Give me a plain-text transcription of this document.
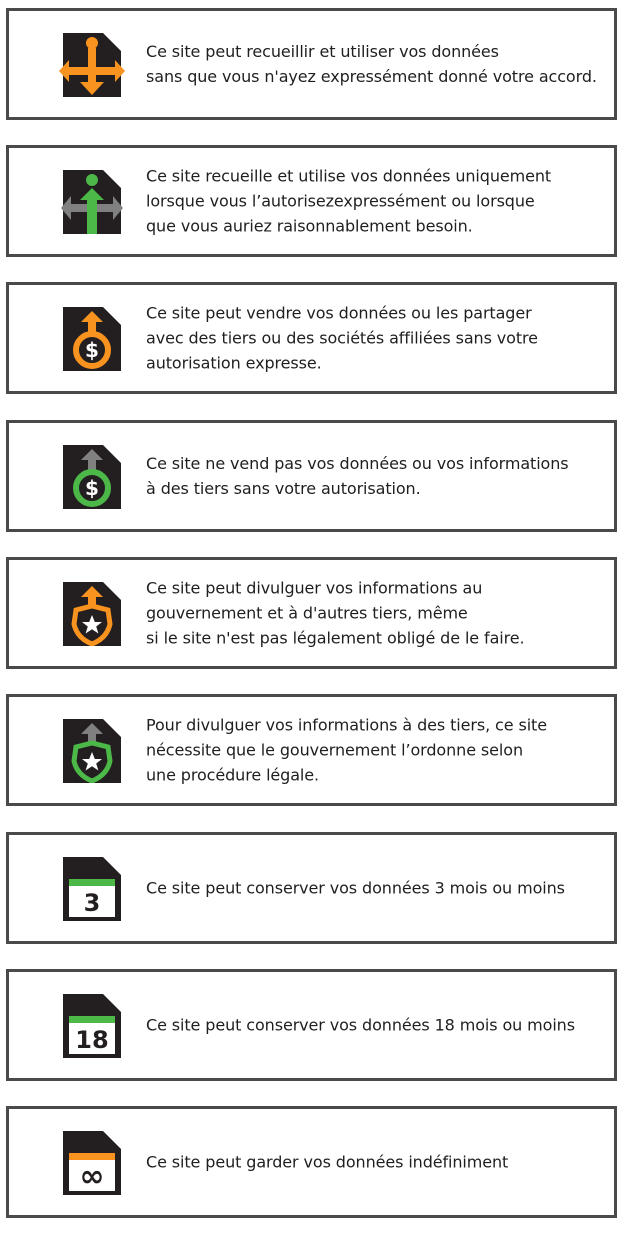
Ce site peut recueillir et utiliser vos données
sans que vous n'ayez expressément donné votre accord.
Ce site recueille et utilise vos données uniquement
lorsque vous l’autorisezexpressément ou lorsque
que vous auriez raisonnablement besoin.
$
Ce site peut vendre vos données ou les partager
avec des tiers ou des sociétés affiliées sans votre
autorisation expresse.
$
Ce site ne vend pas vos données ou vos informations
à des tiers sans votre autorisation.
Ce site peut divulguer vos informations au
gouvernement et à d'autres tiers, même
si le site n'est pas légalement obligé de le faire.
Pour divulguer vos informations à des tiers, ce site
nécessite que le gouvernement l’ordonne selon
une procédure légale.
3
Ce site peut conserver vos données 3 mois ou moins
18
Ce site peut conserver vos données 18 mois ou moins
∞	Ce site peut garder vos données indéfiniment
